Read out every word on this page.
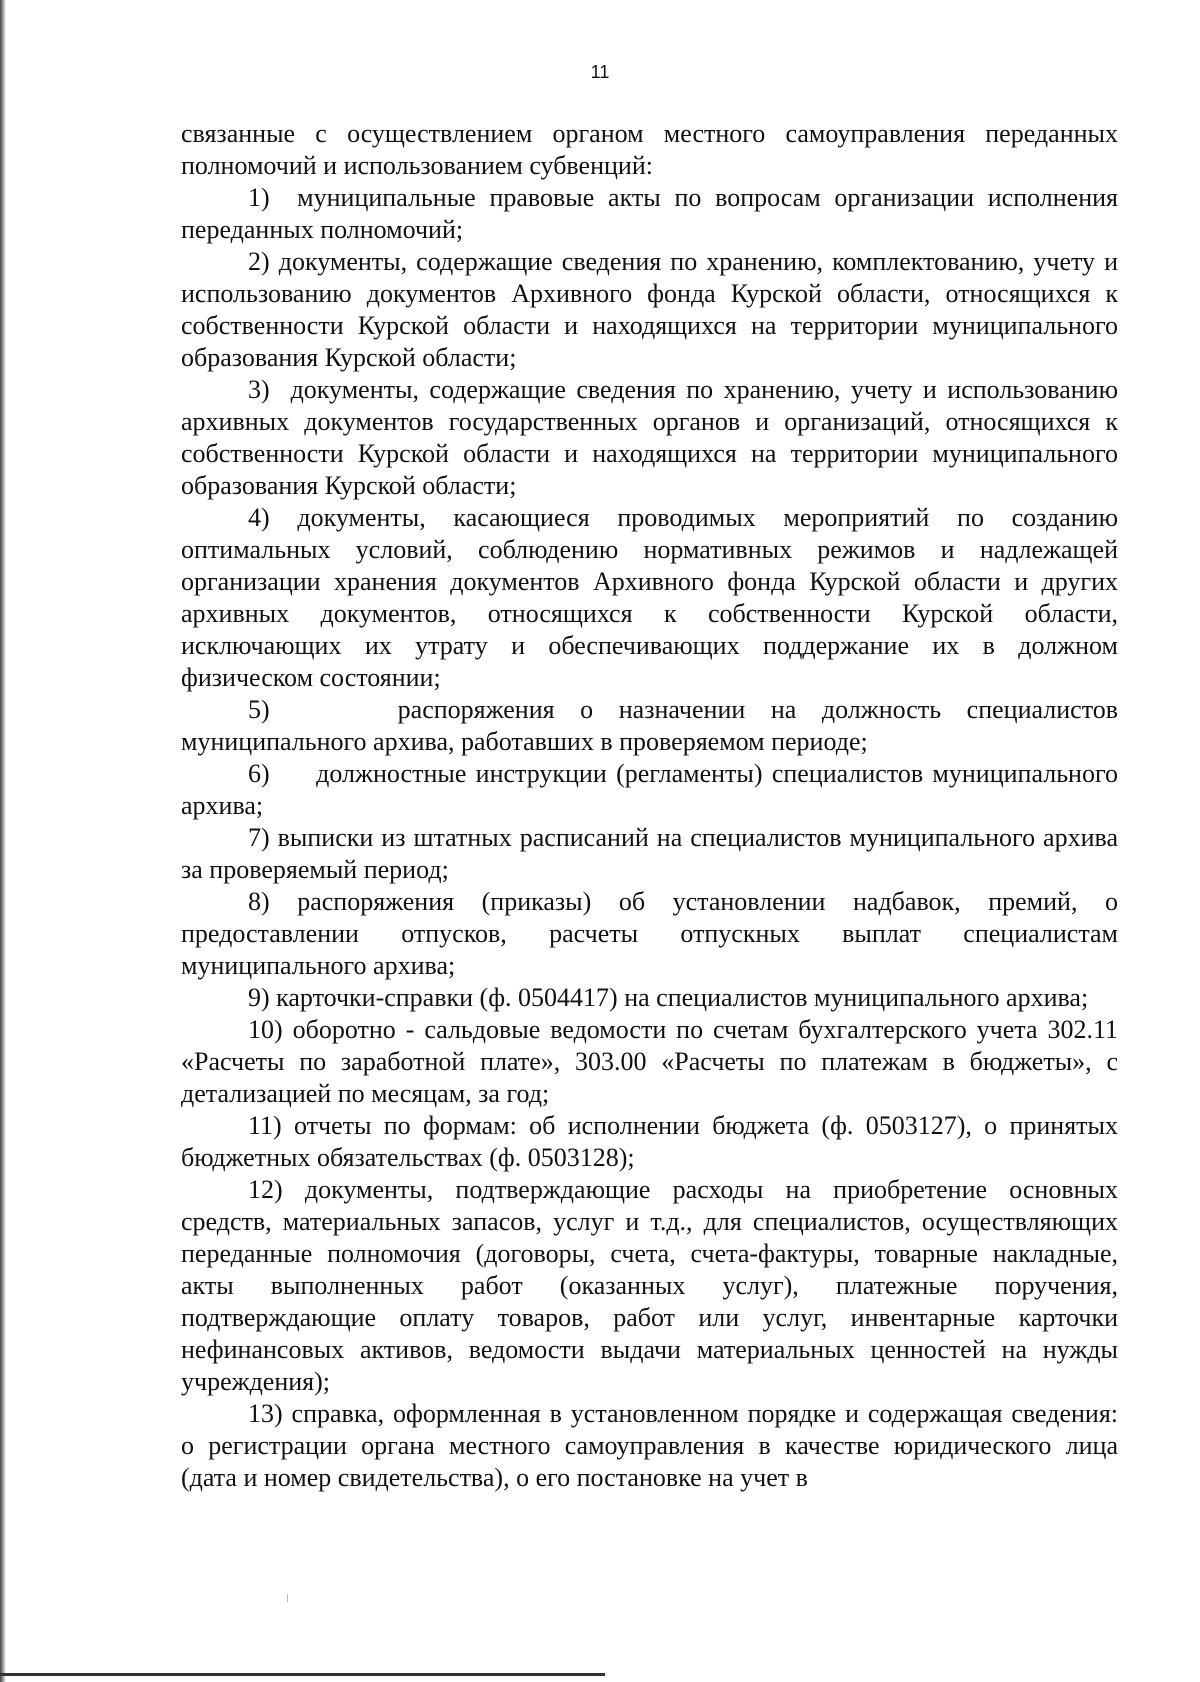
11

связанные с осуществлением органом местного самоуправления переданных полномочий и использованием субвенций:

1)  муниципальные правовые акты по вопросам организации исполнения переданных полномочий;

2) документы, содержащие сведения по хранению, комплектованию, учету и использованию документов Архивного фонда Курской области, относящихся к собственности Курской области и находящихся на территории муниципального образования Курской области;

3)  документы, содержащие сведения по хранению, учету и использованию архивных документов государственных органов и организаций, относящихся к собственности Курской области и находящихся на территории муниципального образования Курской области;

4) документы, касающиеся проводимых мероприятий по созданию оптимальных условий, соблюдению нормативных режимов и надлежащей организации хранения документов Архивного фонда Курской области и других архивных документов, относящихся к собственности Курской области, исключающих их утрату и обеспечивающих поддержание их в должном физическом состоянии;

5)     распоряжения о назначении на должность специалистов муниципального архива, работавших в проверяемом периоде;

6)     должностные инструкции (регламенты) специалистов муниципального архива;

7) выписки из штатных расписаний на специалистов муниципального архива за проверяемый период;

8) распоряжения (приказы) об установлении надбавок, премий, о предоставлении отпусков, расчеты отпускных выплат специалистам муниципального архива;

9) карточки-справки (ф. 0504417) на специалистов муниципального архива;

10) оборотно - сальдовые ведомости по счетам бухгалтерского учета 302.11 «Расчеты по заработной плате», 303.00 «Расчеты по платежам в бюджеты», с детализацией по месяцам, за год;

11) отчеты по формам: об исполнении бюджета (ф. 0503127), о принятых бюджетных обязательствах (ф. 0503128);

12) документы, подтверждающие расходы на приобретение основных средств, материальных запасов, услуг и т.д., для специалистов, осуществляющих переданные полномочия (договоры, счета, счета-фактуры, товарные накладные, акты выполненных работ (оказанных услуг), платежные поручения, подтверждающие оплату товаров, работ или услуг, инвентарные карточки нефинансовых активов, ведомости выдачи материальных ценностей на нужды учреждения);

13) справка, оформленная в установленном порядке и содержащая сведения: о регистрации органа местного самоуправления в качестве юридического лица (дата и номер свидетельства), о его постановке на учет в
